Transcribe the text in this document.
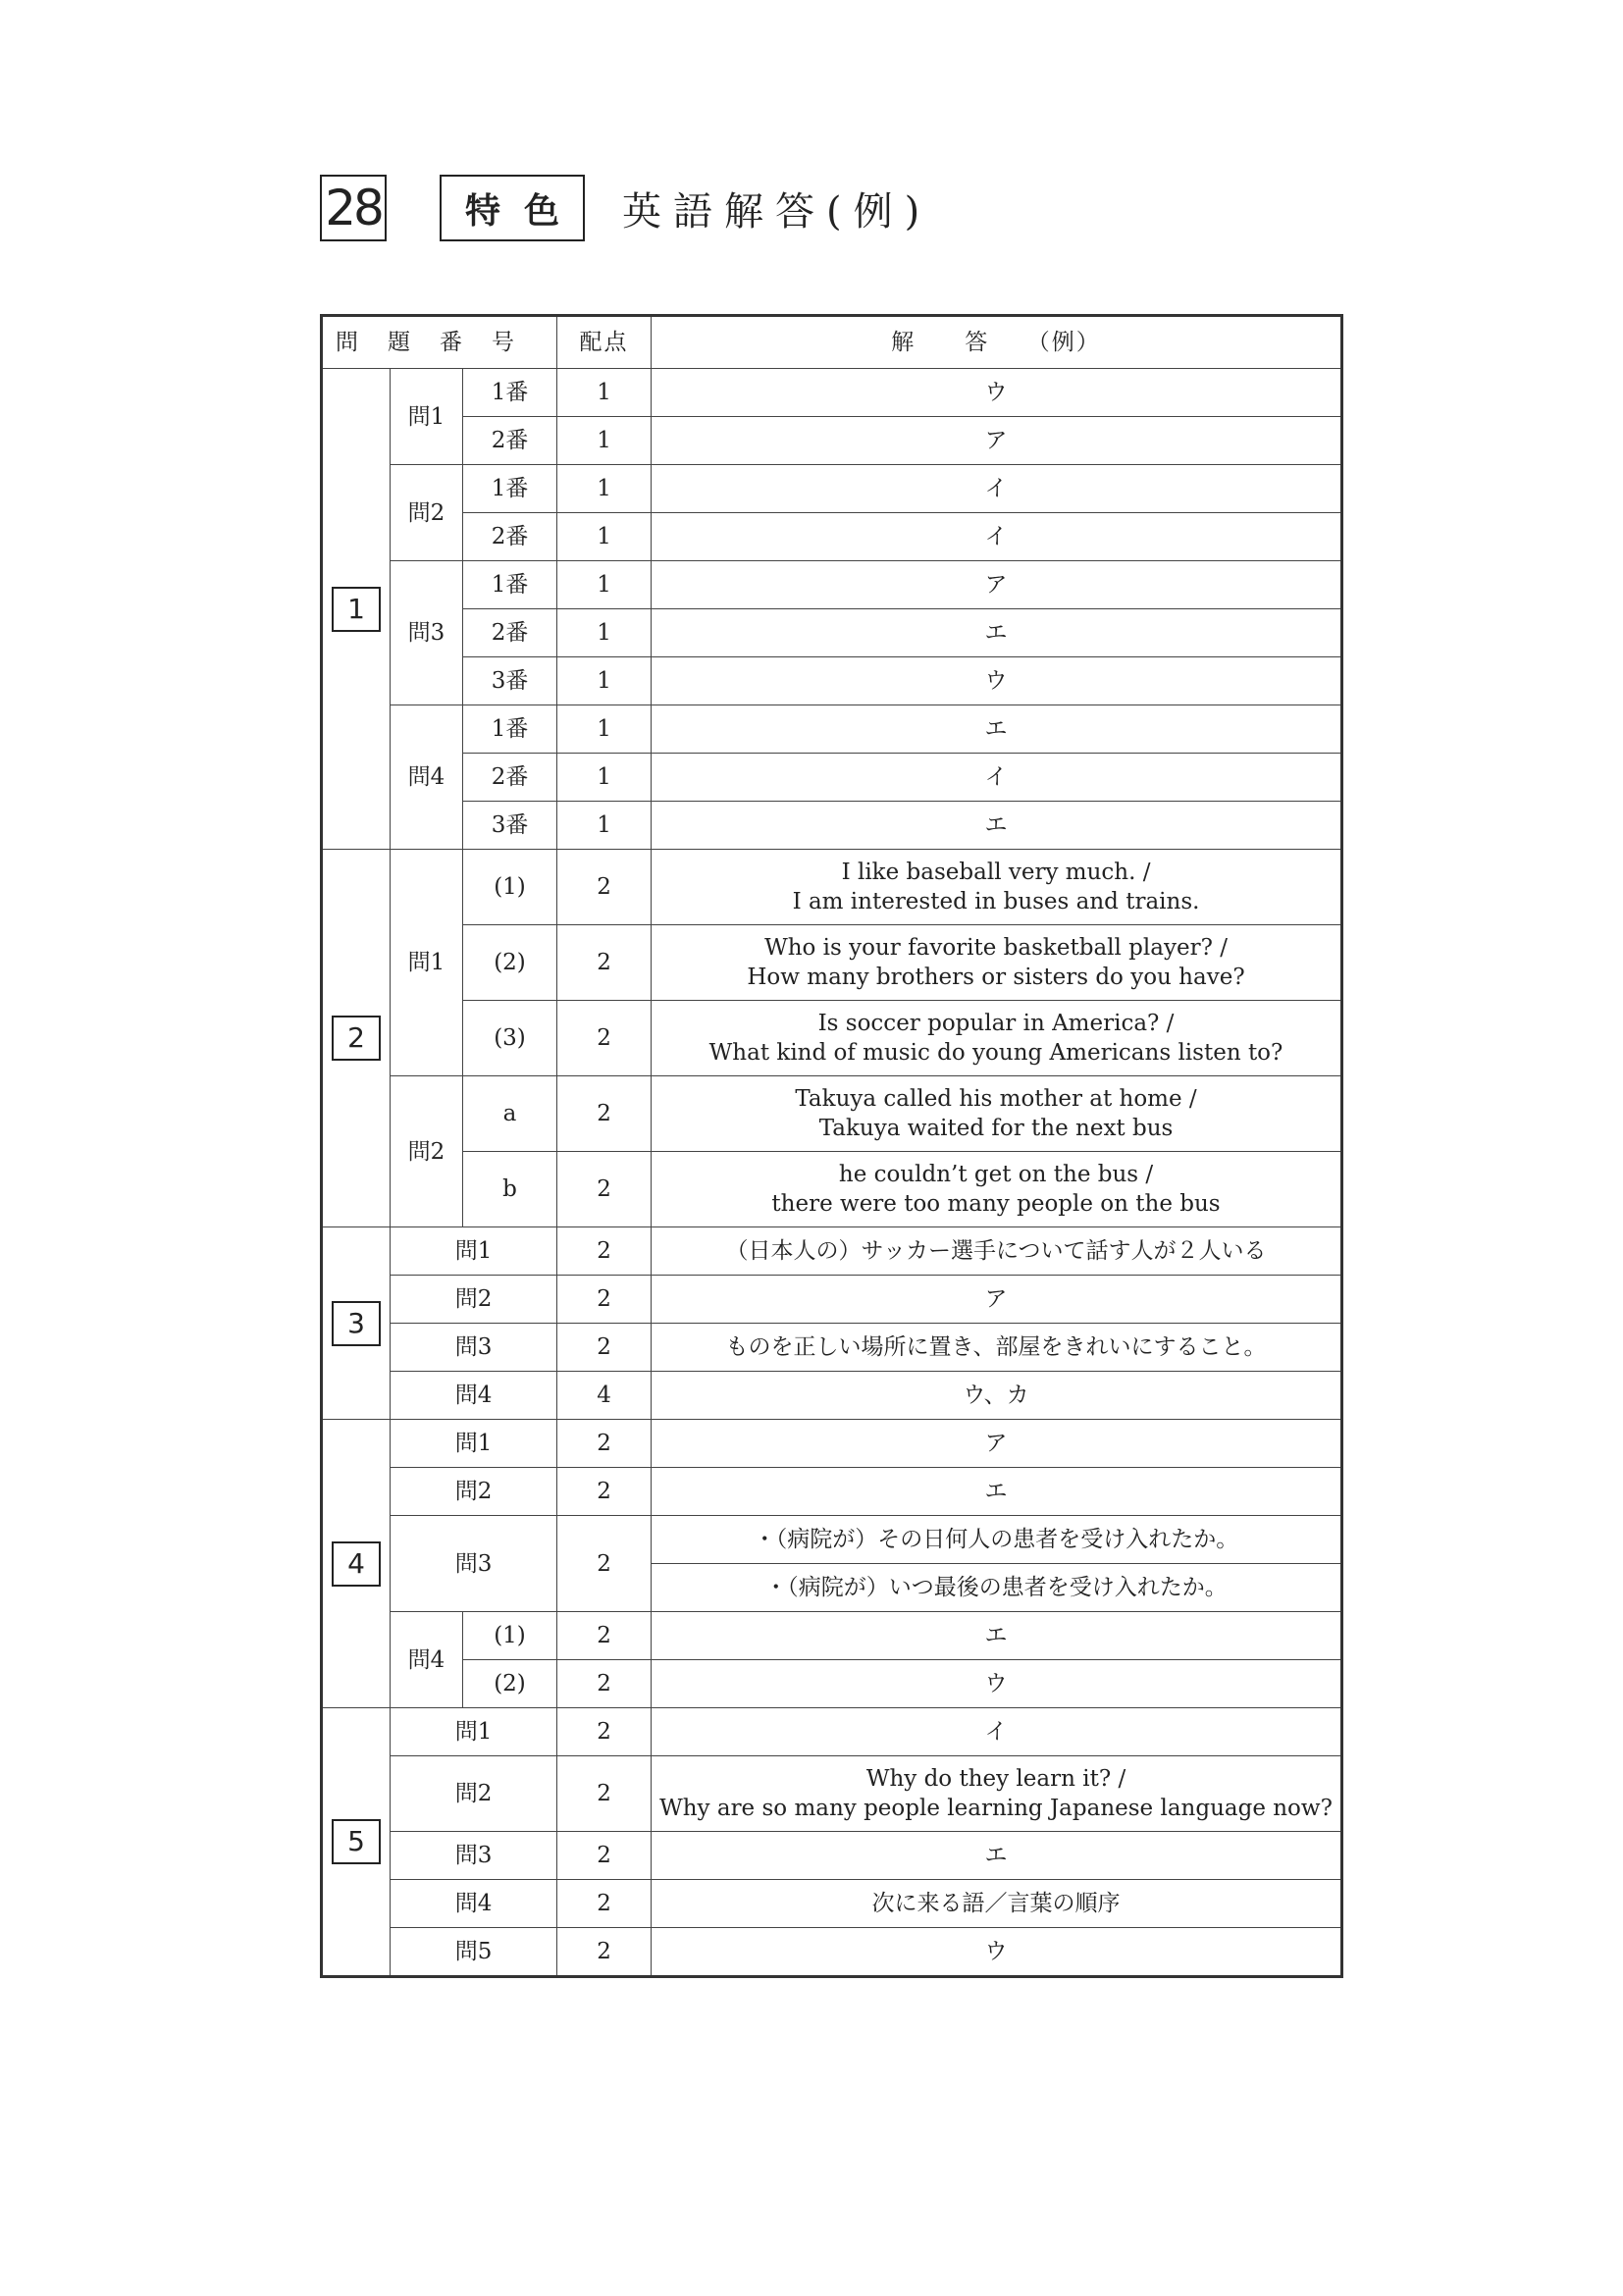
28	特色 英語解答(例)
問題番号			配点	解　　答　　（例）
1	問1	1番	1	ウ
		2番	1	ア
	問2	1番	1	イ
		2番	1	イ
	問3	1番	1	ア
		2番	1	エ
		3番	1	ウ
	問4	1番	1	エ
		2番	1	イ
		3番	1	エ
2	問1	(1)	2	I like baseball very much. /
I am interested in buses and trains.

		(2)	2	Who is your favorite basketball player? /
How many brothers or sisters do you have?

		(3)	2	Is soccer popular in America? /
What kind of music do young Americans listen to?

	問2	a	2	Takuya called his mother at home /
Takuya waited for the next bus

		b	2	he couldn’t get on the bus /
there were too many people on the bus

3	問1		2	（日本人の）サッカー選手について話す人が２人いる
	問2		2	ア
	問3		2	ものを正しい場所に置き、部屋をきれいにすること。
	問4		4	ウ、カ
4	問1		2	ア
	問2		2	エ
	問3		2	・（病院が）その日何人の患者を受け入れたか。
				・（病院が）いつ最後の患者を受け入れたか。
	問4	(1)	2	エ
		(2)	2	ウ
5	問1		2	イ
	問2		2	Why do they learn it? /
Why are so many people learning Japanese language now?

	問3		2	エ
	問4		2	次に来る語／言葉の順序
	問5		2	ウ
